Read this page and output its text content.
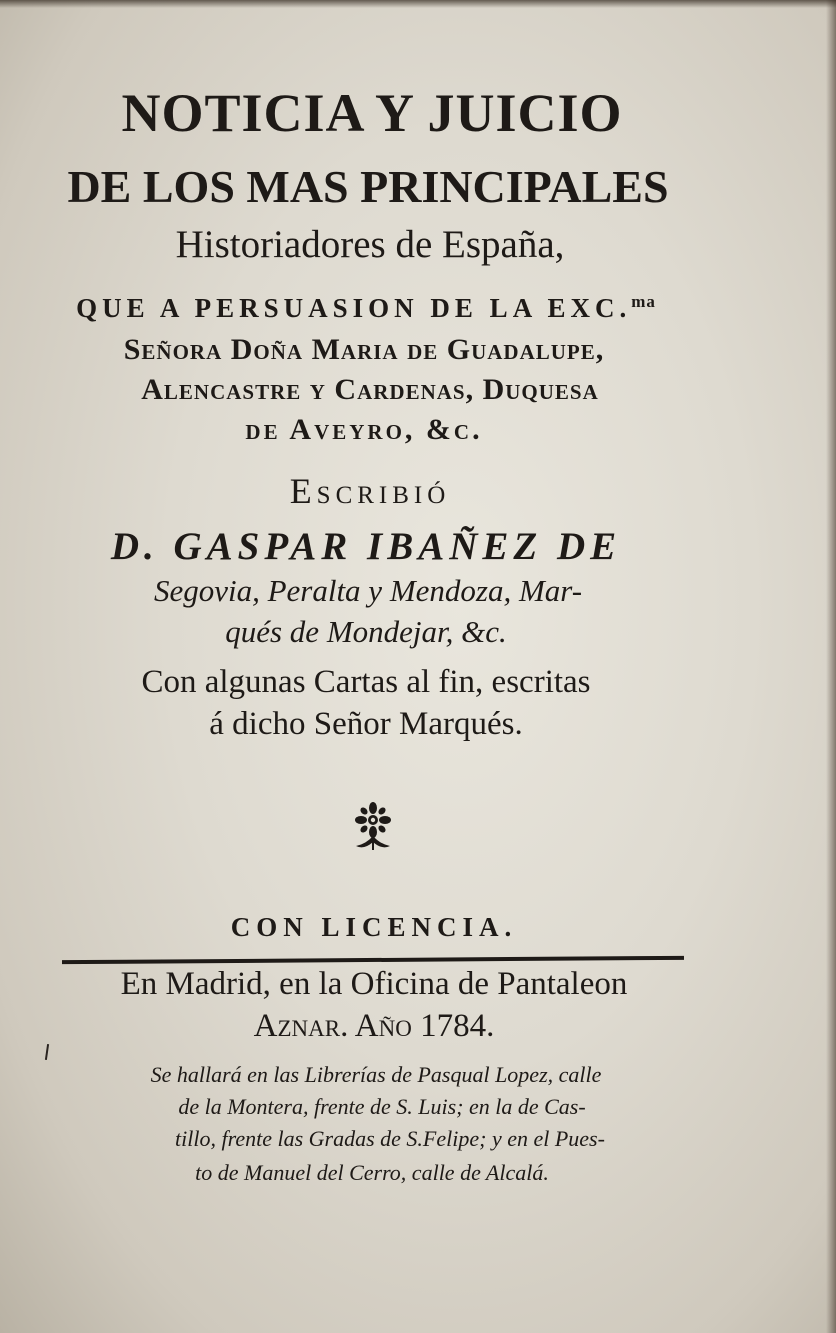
NOTICIA Y JUICIO
DE LOS MAS PRINCIPALES
Historiadores de España,
QUE A PERSUASION DE LA EXC.$^{ma}$
Señora Doña Maria de Guadalupe,
Alencastre y Cardenas, Duquesa
de Aveyro, &c.
Escribió
D. GASPAR IBAÑEZ DE
Segovia, Peralta y Mendoza, Mar-
qués de Mondejar, &c.
Con algunas Cartas al fin, escritas
á dicho Señor Marqués.
CON LICENCIA.
En Madrid, en la Oficina de Pantaleon
Aznar. Año 1784.
Se hallará en las Librerías de Pasqual Lopez, calle
de la Montera, frente de S. Luis; en la de Cas-
tillo, frente las Gradas de S.Felipe; y en el Pues-
to de Manuel del Cerro, calle de Alcalá.
